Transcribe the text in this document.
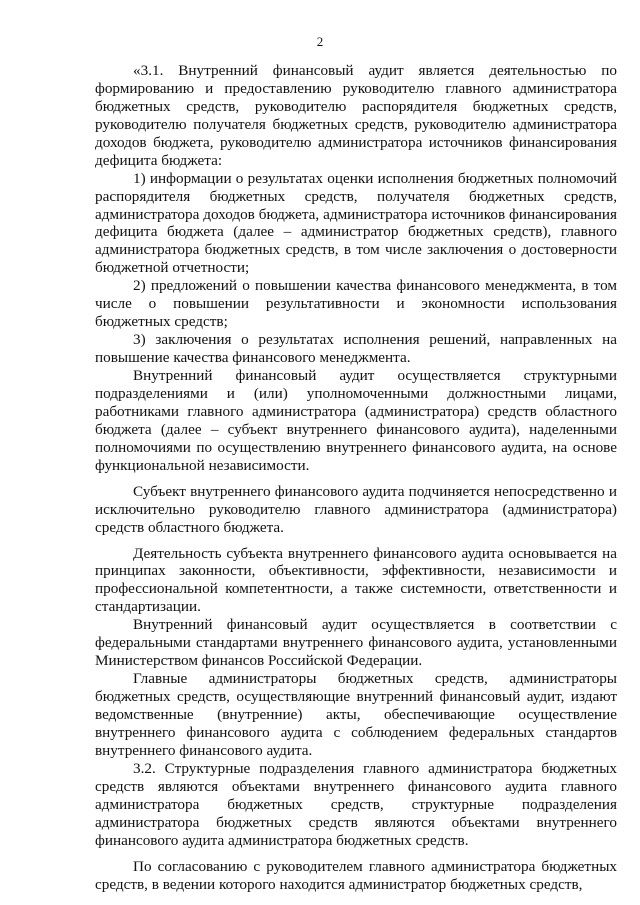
2

«3.1. Внутренний финансовый аудит является деятельностью по формированию и предоставлению руководителю главного администратора бюджетных средств, руководителю распорядителя бюджетных средств, руководителю получателя бюджетных средств, руководителю администратора доходов бюджета, руководителю администратора источников финансирования дефицита бюджета:

1) информации о результатах оценки исполнения бюджетных полномочий распорядителя бюджетных средств, получателя бюджетных средств, администратора доходов бюджета, администратора источников финансирования дефицита бюджета (далее – администратор бюджетных средств), главного администратора бюджетных средств, в том числе заключения о достоверности бюджетной отчетности;

2) предложений о повышении качества финансового менеджмента, в том числе о повышении результативности и экономности использования бюджетных средств;

3) заключения о результатах исполнения решений, направленных на повышение качества финансового менеджмента.

Внутренний финансовый аудит осуществляется структурными подразделениями и (или) уполномоченными должностными лицами, работниками главного администратора (администратора) средств областного бюджета (далее – субъект внутреннего финансового аудита), наделенными полномочиями по осуществлению внутреннего финансового аудита, на основе функциональной независимости.

Субъект внутреннего финансового аудита подчиняется непосредственно и исключительно руководителю главного администратора (администратора) средств областного бюджета.

Деятельность субъекта внутреннего финансового аудита основывается на принципах законности, объективности, эффективности, независимости и профессиональной компетентности, а также системности, ответственности и стандартизации.

Внутренний финансовый аудит осуществляется в соответствии с федеральными стандартами внутреннего финансового аудита, установленными Министерством финансов Российской Федерации.

Главные администраторы бюджетных средств, администраторы бюджетных средств, осуществляющие внутренний финансовый аудит, издают ведомственные (внутренние) акты, обеспечивающие осуществление внутреннего финансового аудита с соблюдением федеральных стандартов внутреннего финансового аудита.

3.2. Структурные подразделения главного администратора бюджетных средств являются объектами внутреннего финансового аудита главного администратора бюджетных средств, структурные подразделения администратора бюджетных средств являются объектами внутреннего финансового аудита администратора бюджетных средств.

По согласованию с руководителем главного администратора бюджетных средств, в ведении которого находится администратор бюджетных средств,
